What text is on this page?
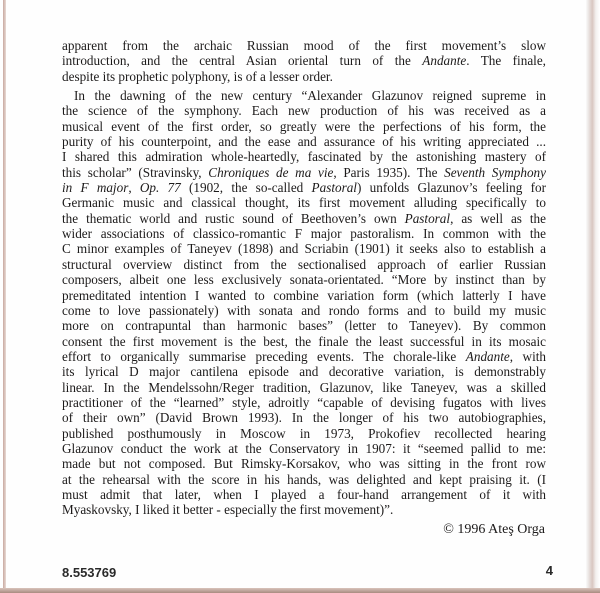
apparent from the archaic Russian mood of the first movement’s slow
introduction, and the central Asian oriental turn of the Andante. The finale,
despite its prophetic polyphony, is of a lesser order.
In the dawning of the new century “Alexander Glazunov reigned supreme in
the science of the symphony. Each new production of his was received as a
musical event of the first order, so greatly were the perfections of his form, the
purity of his counterpoint, and the ease and assurance of his writing appreciated ...
I shared this admiration whole-heartedly, fascinated by the astonishing mastery of
this scholar” (Stravinsky, Chroniques de ma vie, Paris 1935). The Seventh Symphony
in F major, Op. 77 (1902, the so-called Pastoral) unfolds Glazunov’s feeling for
Germanic music and classical thought, its first movement alluding specifically to
the thematic world and rustic sound of Beethoven’s own Pastoral, as well as the
wider associations of classico-romantic F major pastoralism. In common with the
C minor examples of Taneyev (1898) and Scriabin (1901) it seeks also to establish a
structural overview distinct from the sectionalised approach of earlier Russian
composers, albeit one less exclusively sonata-orientated. “More by instinct than by
premeditated intention I wanted to combine variation form (which latterly I have
come to love passionately) with sonata and rondo forms and to build my music
more on contrapuntal than harmonic bases” (letter to Taneyev). By common
consent the first movement is the best, the finale the least successful in its mosaic
effort to organically summarise preceding events. The chorale-like Andante, with
its lyrical D major cantilena episode and decorative variation, is demonstrably
linear. In the Mendelssohn/Reger tradition, Glazunov, like Taneyev, was a skilled
practitioner of the “learned” style, adroitly “capable of devising fugatos with lives
of their own” (David Brown 1993). In the longer of his two autobiographies,
published posthumously in Moscow in 1973, Prokofiev recollected hearing
Glazunov conduct the work at the Conservatory in 1907: it “seemed pallid to me:
made but not composed. But Rimsky-Korsakov, who was sitting in the front row
at the rehearsal with the score in his hands, was delighted and kept praising it. (I
must admit that later, when I played a four-hand arrangement of it with
Myaskovsky, I liked it better - especially the first movement)”.
© 1996 Ateş Orga
8.553769	4
